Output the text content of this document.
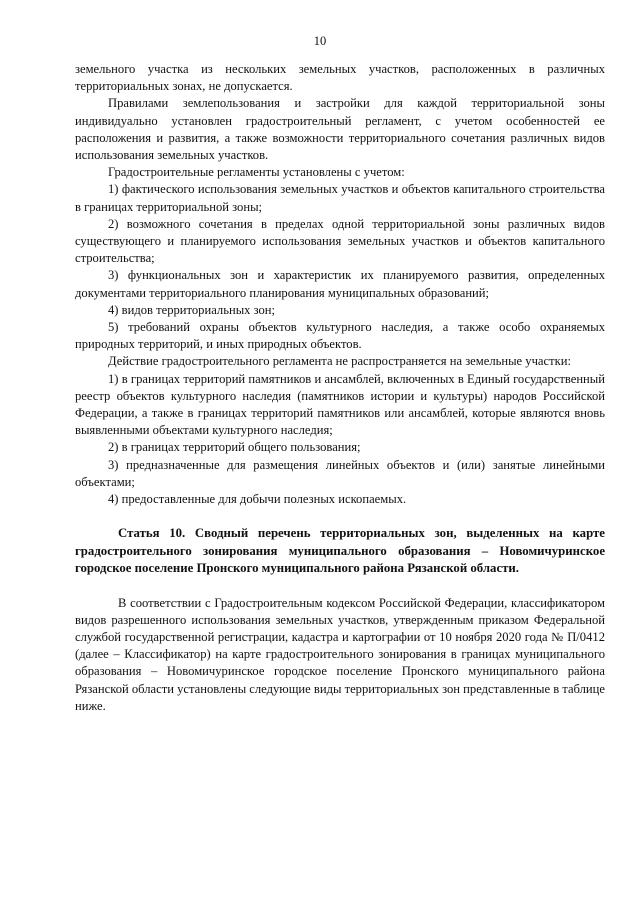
10

земельного участка из нескольких земельных участков, расположенных в различных территориальных зонах, не допускается.

Правилами землепользования и застройки для каждой территориальной зоны индивидуально установлен градостроительный регламент, с учетом особенностей ее расположения и развития, а также возможности территориального сочетания различных видов использования земельных участков.

Градостроительные регламенты установлены с учетом:

1) фактического использования земельных участков и объектов капитального строительства в границах территориальной зоны;

2) возможного сочетания в пределах одной территориальной зоны различных видов существующего и планируемого использования земельных участков и объектов капитального строительства;

3) функциональных зон и характеристик их планируемого развития, определенных документами территориального планирования муниципальных образований;

4) видов территориальных зон;

5) требований охраны объектов культурного наследия, а также особо охраняемых природных территорий, и иных природных объектов.

Действие градостроительного регламента не распространяется на земельные участки:

1) в границах территорий памятников и ансамблей, включенных в Единый государственный реестр объектов культурного наследия (памятников истории и культуры) народов Российской Федерации, а также в границах территорий памятников или ансамблей, которые являются вновь выявленными объектами культурного наследия;

2) в границах территорий общего пользования;

3) предназначенные для размещения линейных объектов и (или) занятые линейными объектами;

4) предоставленные для добычи полезных ископаемых.

Статья 10. Сводный перечень территориальных зон, выделенных на карте градостроительного зонирования муниципального образования – Новомичуринское городское поселение Пронского муниципального района Рязанской области.

В соответствии с Градостроительным кодексом Российской Федерации, классификатором видов разрешенного использования земельных участков, утвержденным приказом Федеральной службой государственной регистрации, кадастра и картографии от 10 ноября 2020 года № П/0412 (далее – Классификатор) на карте градостроительного зонирования в границах муниципального образования – Новомичуринское городское поселение Пронского муниципального района Рязанской области установлены следующие виды территориальных зон представленные в таблице ниже.
